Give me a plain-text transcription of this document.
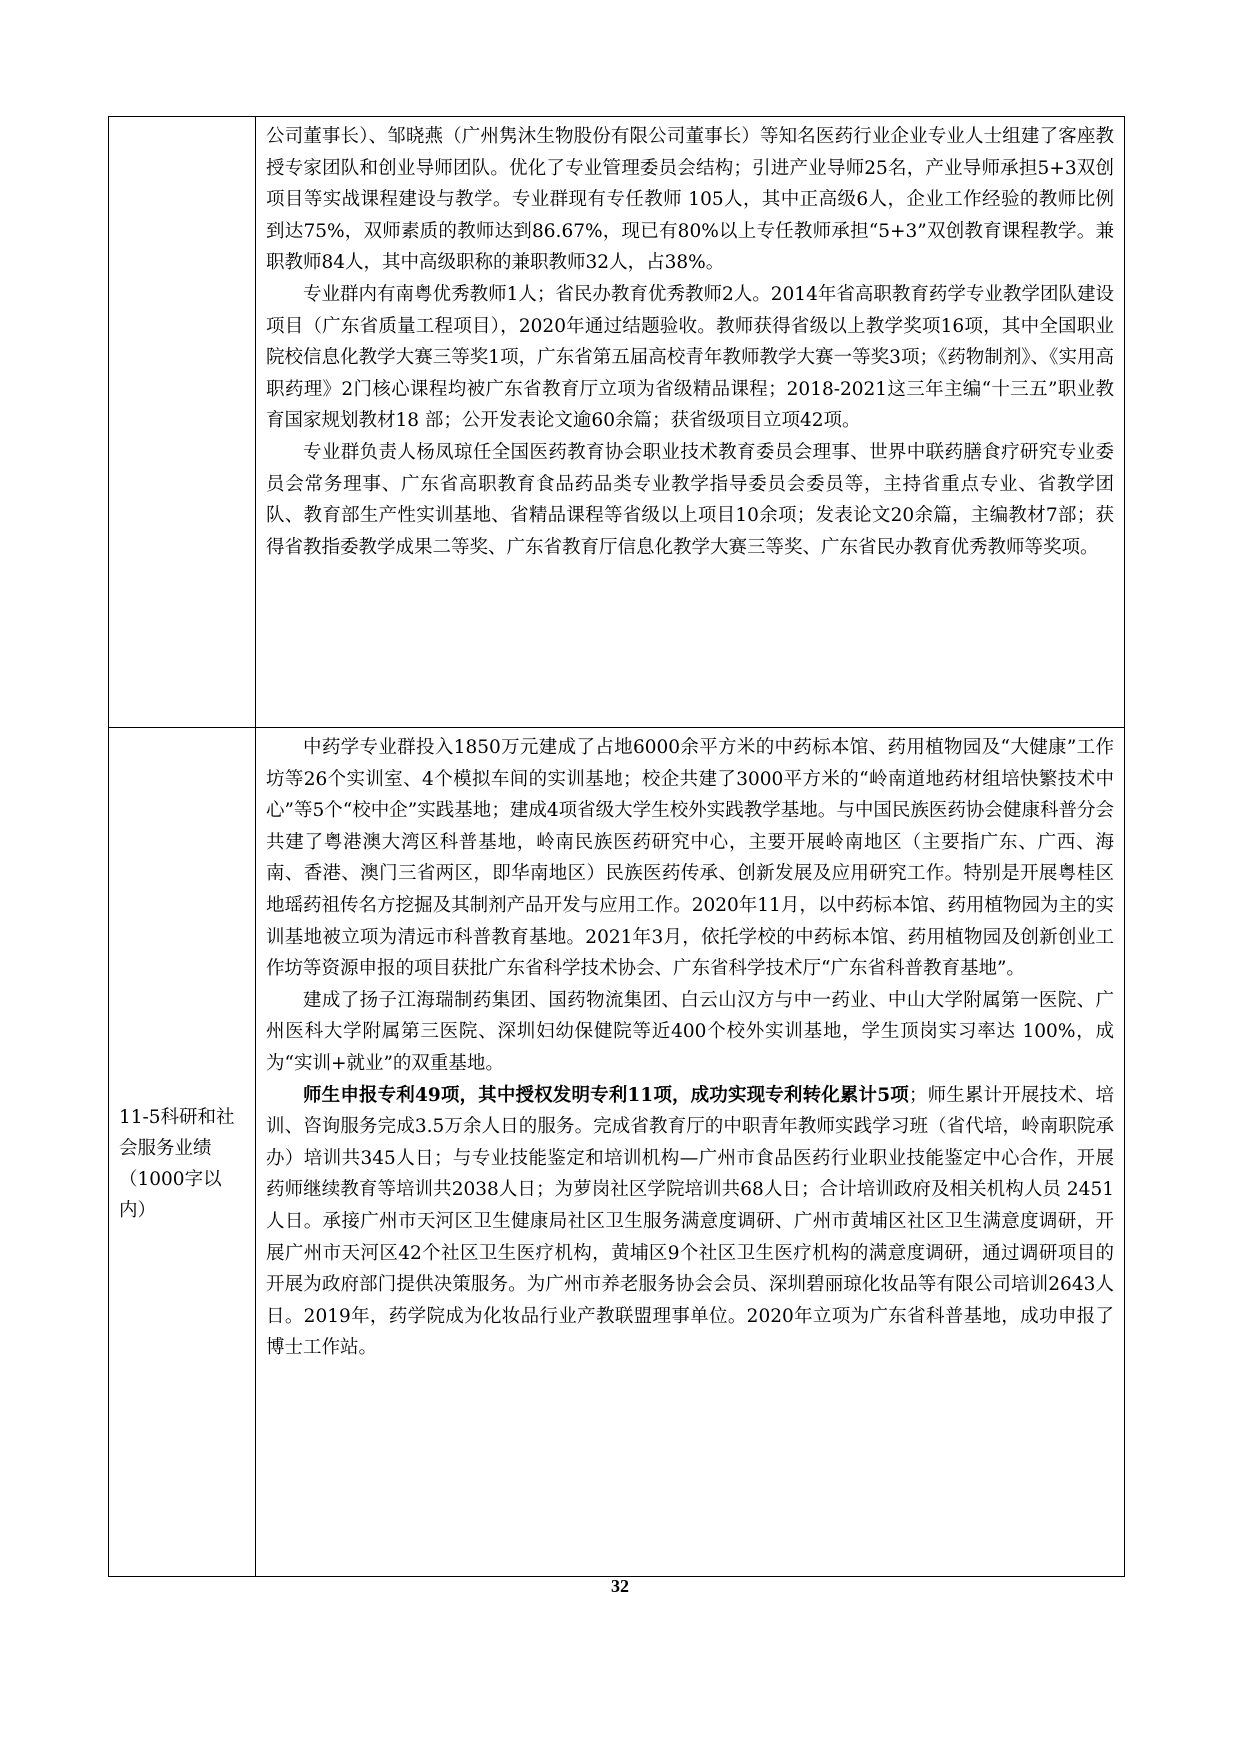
	公司董事长）、邹晓燕（广州隽沐生物股份有限公司董事长）等知名医药行业企业专业人士组建了客座教授专家团队和创业导师团队。优化了专业管理委员会结构；引进产业导师25名，产业导师承担5+3双创项目等实战课程建设与教学。专业群现有专任教师 105人，其中正高级6人，企业工作经验的教师比例到达75%，双师素质的教师达到86.67%，现已有80%以上专任教师承担“5+3”双创教育课程教学。兼职教师84人，其中高级职称的兼职教师32人，占38%。

专业群内有南粤优秀教师1人；省民办教育优秀教师2人。2014年省高职教育药学专业教学团队建设项目（广东省质量工程项目），2020年通过结题验收。教师获得省级以上教学奖项16项，其中全国职业院校信息化教学大赛三等奖1项，广东省第五届高校青年教师教学大赛一等奖3项；《药物制剂》、《实用高职药理》2门核心课程均被广东省教育厅立项为省级精品课程；2018-2021这三年主编“十三五”职业教育国家规划教材18 部；公开发表论文逾60余篇；获省级项目立项42项。

专业群负责人杨凤琼任全国医药教育协会职业技术教育委员会理事、世界中联药膳食疗研究专业委员会常务理事、广东省高职教育食品药品类专业教学指导委员会委员等，主持省重点专业、省教学团队、教育部生产性实训基地、省精品课程等省级以上项目10余项；发表论文20余篇，主编教材7部；获得省教指委教学成果二等奖、广东省教育厅信息化教学大赛三等奖、广东省民办教育优秀教师等奖项。

11-5科研和社会服务业绩（1000字以内）	中药学专业群投入1850万元建成了占地6000余平方米的中药标本馆、药用植物园及“大健康”工作坊等26个实训室、4个模拟车间的实训基地；校企共建了3000平方米的“岭南道地药材组培快繁技术中心”等5个“校中企”实践基地；建成4项省级大学生校外实践教学基地。与中国民族医药协会健康科普分会共建了粤港澳大湾区科普基地，岭南民族医药研究中心，主要开展岭南地区（主要指广东、广西、海南、香港、澳门三省两区，即华南地区）民族医药传承、创新发展及应用研究工作。特别是开展粤桂区地瑶药祖传名方挖掘及其制剂产品开发与应用工作。2020年11月，以中药标本馆、药用植物园为主的实训基地被立项为清远市科普教育基地。2021年3月，依托学校的中药标本馆、药用植物园及创新创业工作坊等资源申报的项目获批广东省科学技术协会、广东省科学技术厅“广东省科普教育基地”。

建成了扬子江海瑞制药集团、国药物流集团、白云山汉方与中一药业、中山大学附属第一医院、广州医科大学附属第三医院、深圳妇幼保健院等近400个校外实训基地，学生顶岗实习率达 100%，成为“实训+就业”的双重基地。

师生申报专利49项，其中授权发明专利11项，成功实现专利转化累计5项；师生累计开展技术、培训、咨询服务完成3.5万余人日的服务。完成省教育厅的中职青年教师实践学习班（省代培，岭南职院承办）培训共345人日；与专业技能鉴定和培训机构—广州市食品医药行业职业技能鉴定中心合作，开展药师继续教育等培训共2038人日；为萝岗社区学院培训共68人日；合计培训政府及相关机构人员 2451人日。承接广州市天河区卫生健康局社区卫生服务满意度调研、广州市黄埔区社区卫生满意度调研，开展广州市天河区42个社区卫生医疗机构，黄埔区9个社区卫生医疗机构的满意度调研，通过调研项目的开展为政府部门提供决策服务。为广州市养老服务协会会员、深圳碧丽琼化妆品等有限公司培训2643人日。2019年，药学院成为化妆品行业产教联盟理事单位。2020年立项为广东省科普基地，成功申报了博士工作站。

32
